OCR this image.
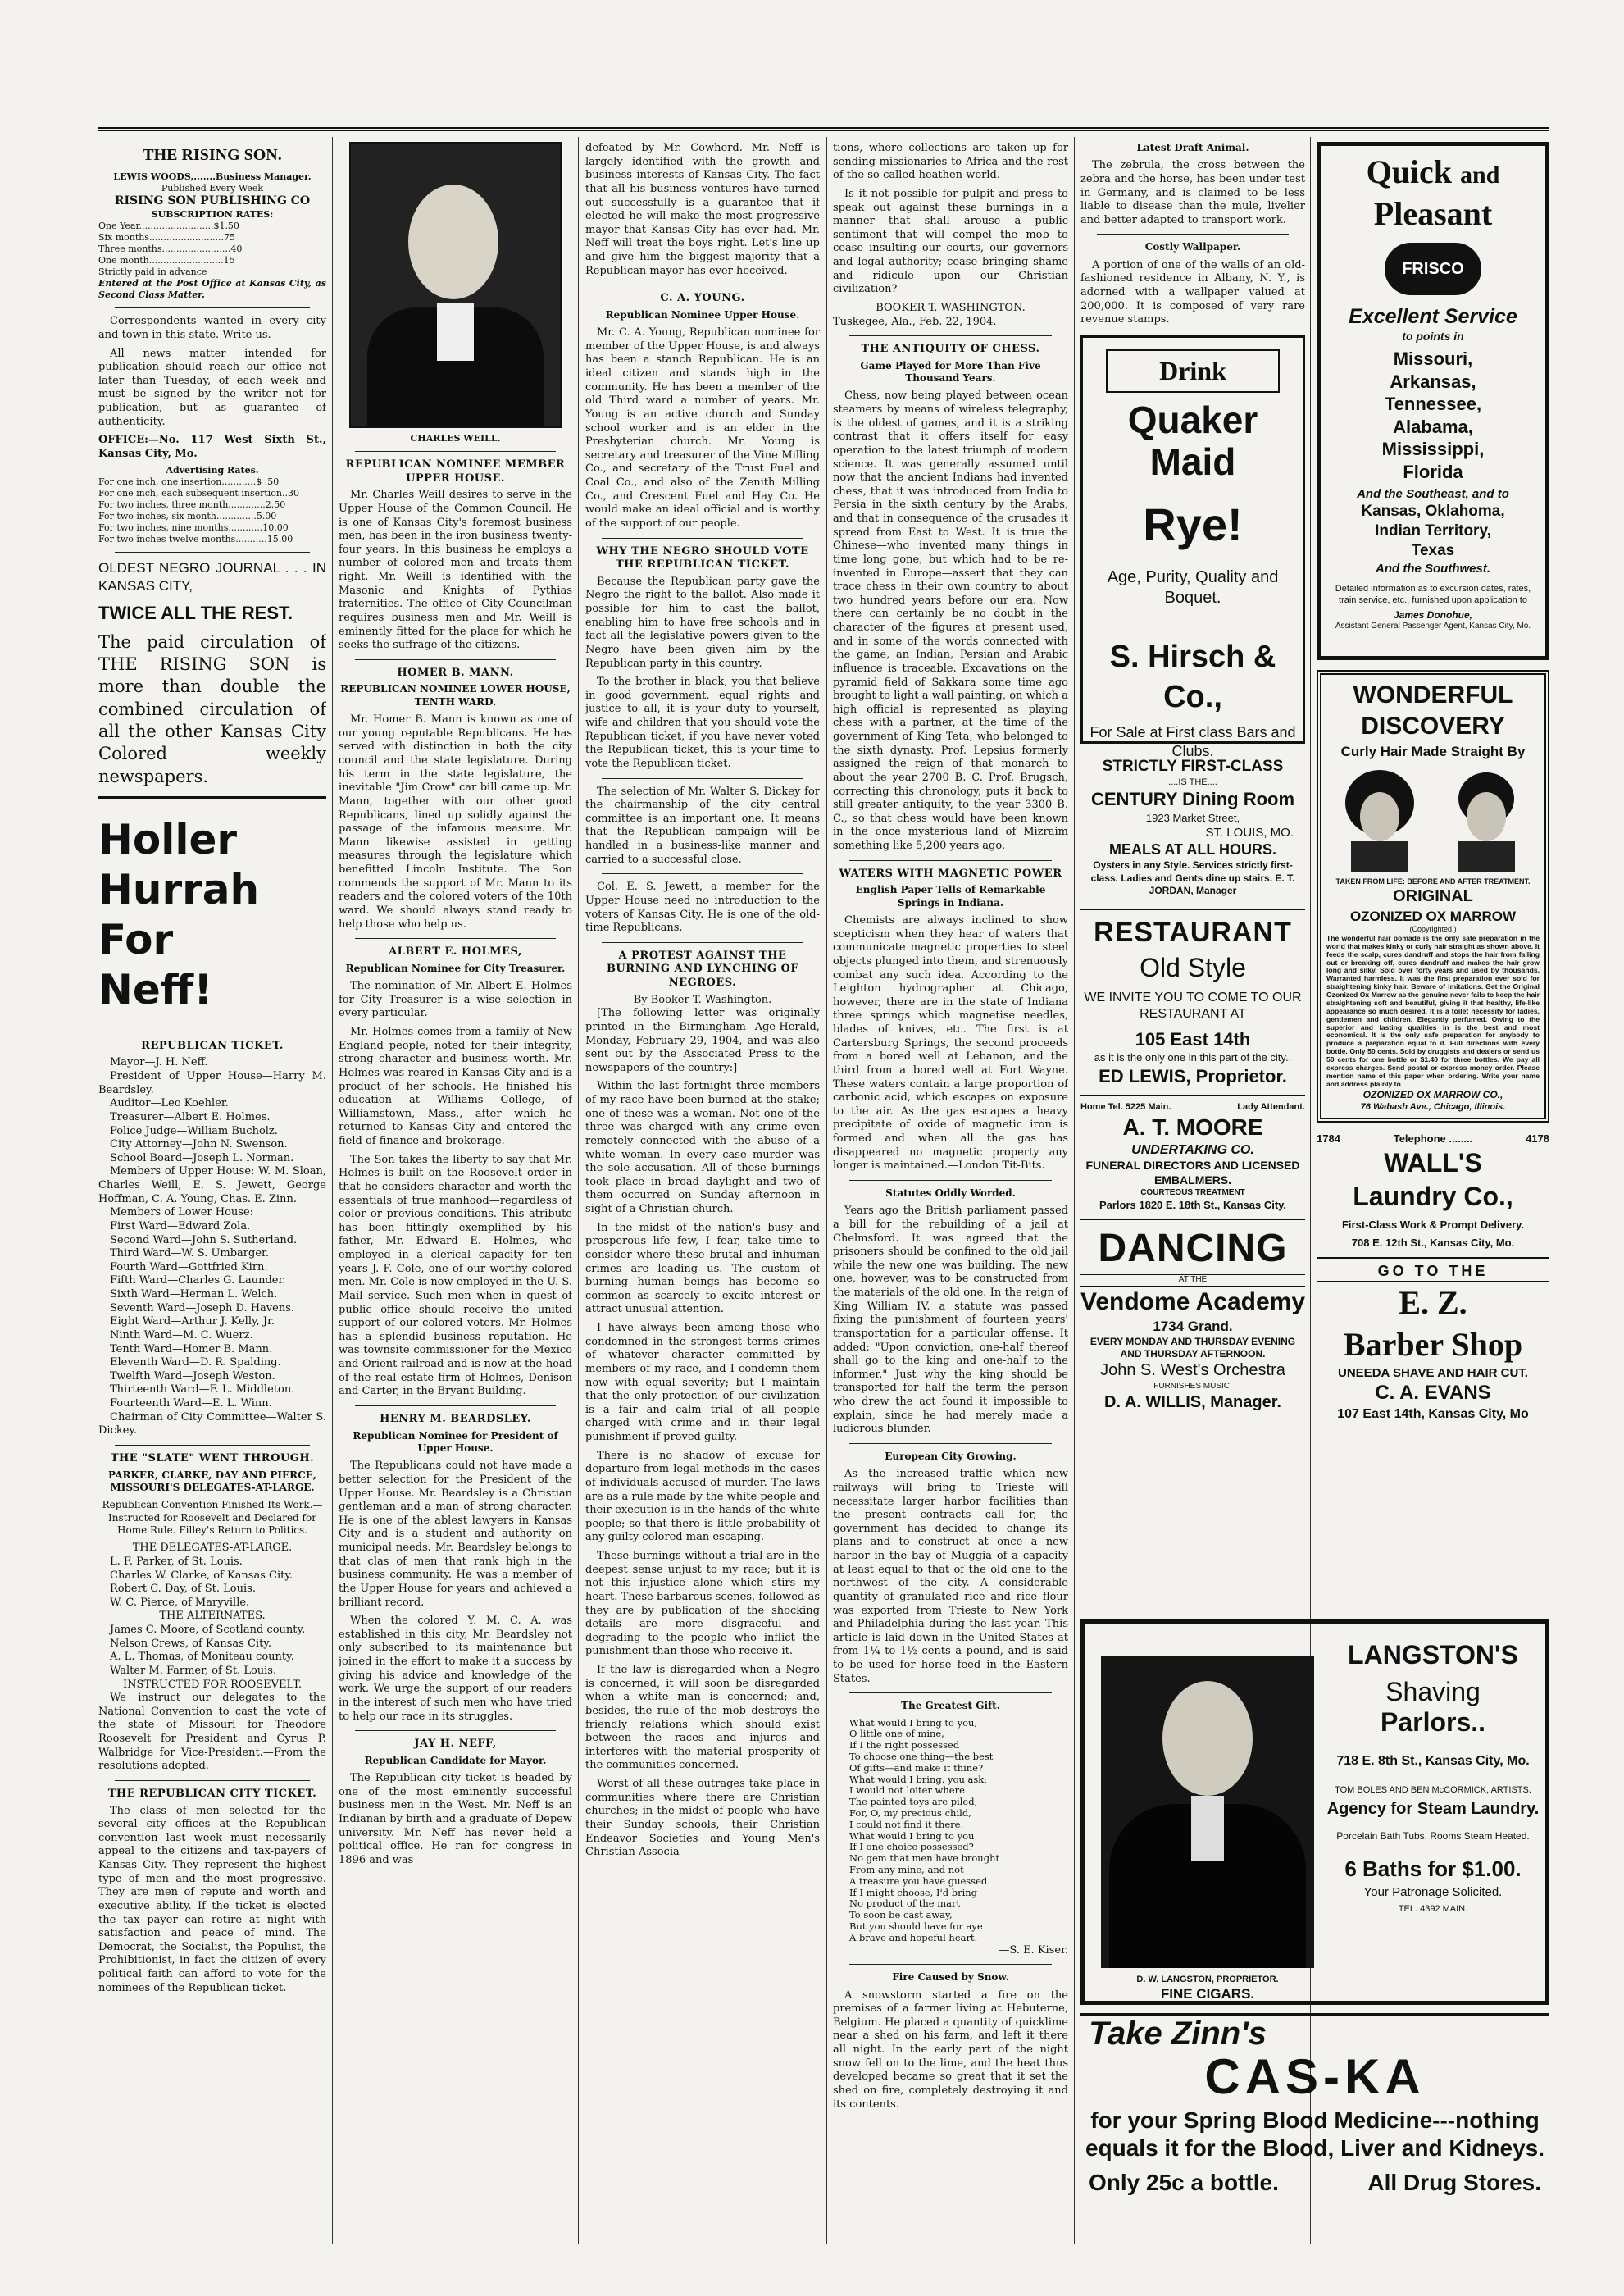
THE RISING SON.
LEWIS WOODS,.......Business Manager.
Published Every Week
RISING SON PUBLISHING CO
SUBSCRIPTION RATES:
One Year..........................$1.50
Six months..........................75
Three months........................40
One month..........................15
Strictly paid in advance
Entered at the Post Office at Kansas City, as Second Class Matter.

Correspondents wanted in every city and town in this state. Write us.

All news matter intended for publication should reach our office not later than Tuesday, of each week and must be signed by the writer not for publication, but as guarantee of authenticity.

OFFICE:—No. 117 West Sixth St., Kansas City, Mo.
Advertising Rates.
For one inch, one insertion............$ .50
For one inch, each subsequent insertion..30
For two inches, three month.............2.50
For two inches, six month..............5.00
For two inches, nine months............10.00
For two inches twelve months...........15.00
OLDEST NEGRO JOURNAL . . . IN KANSAS CITY,
TWICE ALL THE REST.
The paid circulation of THE RISING SON is more than double the combined circulation of all the other Kansas City Colored weekly newspapers.
Holler
Hurrah
For
Neff!
REPUBLICAN TICKET.
Mayor—J. H. Neff.
President of Upper House—Harry M. Beardsley.
Auditor—Leo Koehler.
Treasurer—Albert E. Holmes.
Police Judge—William Bucholz.
City Attorney—John N. Swenson.
School Board—Joseph L. Norman.
Members of Upper House: W. M. Sloan, Charles Weill, E. S. Jewett, George Hoffman, C. A. Young, Chas. E. Zinn.
Members of Lower House:
First Ward—Edward Zola.
Second Ward—John S. Sutherland.
Third Ward—W. S. Umbarger.
Fourth Ward—Gottfried Kirn.
Fifth Ward—Charles G. Launder.
Sixth Ward—Herman L. Welch.
Seventh Ward—Joseph D. Havens.
Eight Ward—Arthur J. Kelly, Jr.
Ninth Ward—M. C. Wuerz.
Tenth Ward—Homer B. Mann.
Eleventh Ward—D. R. Spalding.
Twelfth Ward—Joseph Weston.
Thirteenth Ward—F. L. Middleton.
Fourteenth Ward—E. L. Winn.
Chairman of City Committee—Walter S. Dickey.
THE "SLATE" WENT THROUGH.
PARKER, CLARKE, DAY AND PIERCE, MISSOURI'S DELEGATES-AT-LARGE.
Republican Convention Finished Its Work.—Instructed for Roosevelt and Declared for Home Rule. Filley's Return to Politics.
THE DELEGATES-AT-LARGE.
L. F. Parker, of St. Louis.
Charles W. Clarke, of Kansas City.
Robert C. Day, of St. Louis.
W. C. Pierce, of Maryville.
THE ALTERNATES.
James C. Moore, of Scotland county.
Nelson Crews, of Kansas City.
A. L. Thomas, of Moniteau county.
Walter M. Farmer, of St. Louis.
INSTRUCTED FOR ROOSEVELT.

We instruct our delegates to the National Convention to cast the vote of the state of Missouri for Theodore Roosevelt for President and Cyrus P. Walbridge for Vice-President.—From the resolutions adopted.

THE REPUBLICAN CITY TICKET.

The class of men selected for the several city offices at the Republican convention last week must necessarily appeal to the citizens and tax-payers of Kansas City. They represent the highest type of men and the most progressive. They are men of repute and worth and executive ability. If the ticket is elected the tax payer can retire at night with satisfaction and peace of mind. The Democrat, the Socialist, the Populist, the Prohibitionist, in fact the citizen of every political faith can afford to vote for the nominees of the Republican ticket.

CHARLES WEILL.
REPUBLICAN NOMINEE MEMBER UPPER HOUSE.

Mr. Charles Weill desires to serve in the Upper House of the Common Council. He is one of Kansas City's foremost business men, has been in the iron business twenty-four years. In this business he employs a number of colored men and treats them right. Mr. Weill is identified with the Masonic and Knights of Pythias fraternities. The office of City Councilman requires business men and Mr. Weill is eminently fitted for the place for which he seeks the suffrage of the citizens.

HOMER B. MANN.
REPUBLICAN NOMINEE LOWER HOUSE, TENTH WARD.

Mr. Homer B. Mann is known as one of our young reputable Republicans. He has served with distinction in both the city council and the state legislature. During his term in the state legislature, the inevitable "Jim Crow" car bill came up. Mr. Mann, together with our other good Republicans, lined up solidly against the passage of the infamous measure. Mr. Mann likewise assisted in getting measures through the legislature which benefitted Lincoln Institute. The Son commends the support of Mr. Mann to its readers and the colored voters of the 10th ward. We should always stand ready to help those who help us.

ALBERT E. HOLMES,
Republican Nominee for City Treasurer.

The nomination of Mr. Albert E. Holmes for City Treasurer is a wise selection in every particular.

Mr. Holmes comes from a family of New England people, noted for their integrity, strong character and business worth. Mr. Holmes was reared in Kansas City and is a product of her schools. He finished his education at Williams College, of Williamstown, Mass., after which he returned to Kansas City and entered the field of finance and brokerage.

The Son takes the liberty to say that Mr. Holmes is built on the Roosevelt order in that he considers character and worth the essentials of true manhood—regardless of color or previous conditions. This atribute has been fittingly exemplified by his father, Mr. Edward E. Holmes, who employed in a clerical capacity for ten years J. F. Cole, one of our worthy colored men. Mr. Cole is now employed in the U. S. Mail service. Such men when in quest of public office should receive the united support of our colored voters. Mr. Holmes has a splendid business reputation. He was townsite commissioner for the Mexico and Orient railroad and is now at the head of the real estate firm of Holmes, Denison and Carter, in the Bryant Building.

HENRY M. BEARDSLEY.
Republican Nominee for President of Upper House.

The Republicans could not have made a better selection for the President of the Upper House. Mr. Beardsley is a Christian gentleman and a man of strong character. He is one of the ablest lawyers in Kansas City and is a student and authority on municipal needs. Mr. Beardsley belongs to that clas of men that rank high in the business community. He was a member of the Upper House for years and achieved a brilliant record.

When the colored Y. M. C. A. was established in this city, Mr. Beardsley not only subscribed to its maintenance but joined in the effort to make it a success by giving his advice and knowledge of the work. We urge the support of our readers in the interest of such men who have tried to help our race in its struggles.

JAY H. NEFF,
Republican Candidate for Mayor.

The Republican city ticket is headed by one of the most eminently successful business men in the West. Mr. Neff is an Indianan by birth and a graduate of Depew university. Mr. Neff has never held a political office. He ran for congress in 1896 and was

defeated by Mr. Cowherd. Mr. Neff is largely identified with the growth and business interests of Kansas City. The fact that all his business ventures have turned out successfully is a guarantee that if elected he will make the most progressive mayor that Kansas City has ever had. Mr. Neff will treat the boys right. Let's line up and give him the biggest majority that a Republican mayor has ever heceived.

C. A. YOUNG.
Republican Nominee Upper House.

Mr. C. A. Young, Republican nominee for member of the Upper House, is and always has been a stanch Republican. He is an ideal citizen and stands high in the community. He has been a member of the old Third ward a number of years. Mr. Young is an active church and Sunday school worker and is an elder in the Presbyterian church. Mr. Young is secretary and treasurer of the Vine Milling Co., and secretary of the Trust Fuel and Coal Co., and also of the Zenith Milling Co., and Crescent Fuel and Hay Co. He would make an ideal official and is worthy of the support of our people.

WHY THE NEGRO SHOULD VOTE THE REPUBLICAN TICKET.

Because the Republican party gave the Negro the right to the ballot. Also made it possible for him to cast the ballot, enabling him to have free schools and in fact all the legislative powers given to the Negro have been given him by the Republican party in this country.

To the brother in black, you that believe in good government, equal rights and justice to all, it is your duty to yourself, wife and children that you should vote the Republican ticket, if you have never voted the Republican ticket, this is your time to vote the Republican ticket.

The selection of Mr. Walter S. Dickey for the chairmanship of the city central committee is an important one. It means that the Republican campaign will be handled in a business-like manner and carried to a successful close.

Col. E. S. Jewett, a member for the Upper House need no introduction to the voters of Kansas City. He is one of the old-time Republicans.

A PROTEST AGAINST THE BURNING AND LYNCHING OF NEGROES.
By Booker T. Washington.

[The following letter was originally printed in the Birmingham Age-Herald, Monday, February 29, 1904, and was also sent out by the Associated Press to the newspapers of the country:]

Within the last fortnight three members of my race have been burned at the stake; one of these was a woman. Not one of the three was charged with any crime even remotely connected with the abuse of a white woman. In every case murder was the sole accusation. All of these burnings took place in broad daylight and two of them occurred on Sunday afternoon in sight of a Christian church.

In the midst of the nation's busy and prosperous life few, I fear, take time to consider where these brutal and inhuman crimes are leading us. The custom of burning human beings has become so common as scarcely to excite interest or attract unusual attention.

I have always been among those who condemned in the strongest terms crimes of whatever character committed by members of my race, and I condemn them now with equal severity; but I maintain that the only protection of our civilization is a fair and calm trial of all people charged with crime and in their legal punishment if proved guilty.

There is no shadow of excuse for departure from legal methods in the cases of individuals accused of murder. The laws are as a rule made by the white people and their execution is in the hands of the white people; so that there is little probability of any guilty colored man escaping.

These burnings without a trial are in the deepest sense unjust to my race; but it is not this injustice alone which stirs my heart. These barbarous scenes, followed as they are by publication of the shocking details are more disgraceful and degrading to the people who inflict the punishment than those who receive it.

If the law is disregarded when a Negro is concerned, it will soon be disregarded when a white man is concerned; and, besides, the rule of the mob destroys the friendly relations which should exist between the races and injures and interferes with the material prosperity of the communities concerned.

Worst of all these outrages take place in communities where there are Christian churches; in the midst of people who have their Sunday schools, their Christian Endeavor Societies and Young Men's Christian Associa-

tions, where collections are taken up for sending missionaries to Africa and the rest of the so-called heathen world.

Is it not possible for pulpit and press to speak out against these burnings in a manner that shall arouse a public sentiment that will compel the mob to cease insulting our courts, our governors and legal authority; cease bringing shame and ridicule upon our Christian civilization?

BOOKER T. WASHINGTON.
Tuskegee, Ala., Feb. 22, 1904.
THE ANTIQUITY OF CHESS.
Game Played for More Than Five Thousand Years.

Chess, now being played between ocean steamers by means of wireless telegraphy, is the oldest of games, and it is a striking contrast that it offers itself for easy operation to the latest triumph of modern science. It was generally assumed until now that the ancient Indians had invented chess, that it was introduced from India to Persia in the sixth century by the Arabs, and that in consequence of the crusades it spread from East to West. It is true the Chinese—who invented many things in time long gone, but which had to be re-invented in Europe—assert that they can trace chess in their own country to about two hundred years before our era. Now there can certainly be no doubt in the character of the figures at present used, and in some of the words connected with the game, an Indian, Persian and Arabic influence is traceable. Excavations on the pyramid field of Sakkara some time ago brought to light a wall painting, on which a high official is represented as playing chess with a partner, at the time of the government of King Teta, who belonged to the sixth dynasty. Prof. Lepsius formerly assigned the reign of that monarch to about the year 2700 B. C. Prof. Brugsch, correcting this chronology, puts it back to still greater antiquity, to the year 3300 B. C., so that chess would have been known in the once mysterious land of Mizraim something like 5,200 years ago.

WATERS WITH MAGNETIC POWER
English Paper Tells of Remarkable Springs in Indiana.

Chemists are always inclined to show scepticism when they hear of waters that communicate magnetic properties to steel objects plunged into them, and strenuously combat any such idea. According to the Leighton hydrographer at Chicago, however, there are in the state of Indiana three springs which magnetise needles, blades of knives, etc. The first is at Cartersburg Springs, the second proceeds from a bored well at Lebanon, and the third from a bored well at Fort Wayne. These waters contain a large proportion of carbonic acid, which escapes on exposure to the air. As the gas escapes a heavy precipitate of oxide of magnetic iron is formed and when all the gas has disappeared no magnetic property any longer is maintained.—London Tit-Bits.

Statutes Oddly Worded.

Years ago the British parliament passed a bill for the rebuilding of a jail at Chelmsford. It was agreed that the prisoners should be confined to the old jail while the new one was building. The new one, however, was to be constructed from the materials of the old one. In the reign of King William IV. a statute was passed fixing the punishment of fourteen years' transportation for a particular offense. It added: "Upon conviction, one-half thereof shall go to the king and one-half to the informer." Just why the king should be transported for half the term the person who drew the act found it impossible to explain, since he had merely made a ludicrous blunder.

European City Growing.

As the increased traffic which new railways will bring to Trieste will necessitate larger harbor facilities than the present contracts call for, the government has decided to change its plans and to construct at once a new harbor in the bay of Muggia of a capacity at least equal to that of the old one to the northwest of the city. A considerable quantity of granulated rice and rice flour was exported from Trieste to New York and Philadelphia during the last year. This article is laid down in the United States at from 1¼ to 1½ cents a pound, and is said to be used for horse feed in the Eastern States.

The Greatest Gift.
What would I bring to you,
O little one of mine,
If I the right possessed
To choose one thing—the best
Of gifts—and make it thine?
What would I bring, you ask;
I would not loiter where
The painted toys are piled,
For, O, my precious child,
I could not find it there.
What would I bring to you
If I one choice possessed?
No gem that men have brought
From any mine, and not
A treasure you have guessed.
If I might choose, I'd bring
No product of the mart
To soon be cast away,
But you should have for aye
A brave and hopeful heart.
—S. E. Kiser.
Fire Caused by Snow.

A snowstorm started a fire on the premises of a farmer living at Hebuterne, Belgium. He placed a quantity of quicklime near a shed on his farm, and left it there all night. In the early part of the night snow fell on to the lime, and the heat thus developed became so great that it set the shed on fire, completely destroying it and its contents.

Latest Draft Animal.

The zebrula, the cross between the zebra and the horse, has been under test in Germany, and is claimed to be less liable to disease than the mule, livelier and better adapted to transport work.

Costly Wallpaper.

A portion of one of the walls of an old-fashioned residence in Albany, N. Y., is adorned with a wallpaper valued at 200,000. It is composed of very rare revenue stamps.

Drink
Quaker Maid
Rye!
Age, Purity, Quality and Boquet.
S. Hirsch & Co.,
For Sale at First class Bars and Clubs.
STRICTLY FIRST-CLASS
....IS THE....
CENTURY Dining Room
1923 Market Street,
ST. LOUIS, MO.
MEALS AT ALL HOURS.
Oysters in any Style. Services strictly first-class. Ladies and Gents dine up stairs. E. T. JORDAN, Manager
RESTAURANT
Old Style
WE INVITE YOU TO COME TO OUR RESTAURANT AT
105 East 14th
as it is the only one in this part of the city..
ED LEWIS, Proprietor.
Home Tel. 5225 Main.	Lady Attendant.
A. T. MOORE
UNDERTAKING CO.
FUNERAL DIRECTORS AND LICENSED EMBALMERS.
COURTEOUS TREATMENT
Parlors 1820 E. 18th St., Kansas City.
DANCING
AT THE
Vendome Academy
1734 Grand.
EVERY MONDAY AND THURSDAY EVENING AND THURSDAY AFTERNOON.
John S. West's Orchestra
FURNISHES MUSIC.
D. A. WILLIS, Manager.
Quick and
Pleasant
FRISCO
Excellent Service
to points in
Missouri,
Arkansas,
Tennessee,
Alabama,
Mississippi,
Florida
And the Southeast, and to
Kansas, Oklahoma,
Indian Territory,
Texas
And the Southwest.
Detailed information as to excursion dates, rates, train service, etc., furnished upon application to
James Donohue,
Assistant General Passenger Agent, Kansas City, Mo.
WONDERFUL
DISCOVERY
Curly Hair Made Straight By
TAKEN FROM LIFE: BEFORE AND AFTER TREATMENT.
ORIGINAL
OZONIZED OX MARROW
(Copyrighted.)
The wonderful hair pomade is the only safe preparation in the world that makes kinky or curly hair straight as shown above. It feeds the scalp, cures dandruff and stops the hair from falling out or breaking off, cures dandruff and makes the hair grow long and silky. Sold over forty years and used by thousands. Warranted harmless. It was the first preparation ever sold for straightening kinky hair. Beware of imitations. Get the Original Ozonized Ox Marrow as the genuine never fails to keep the hair straightening soft and beautiful, giving it that healthy, life-like appearance so much desired. It is a toilet necessity for ladies, gentlemen and children. Elegantly perfumed. Owing to the superior and lasting qualities in is the best and most economical. It is the only safe preparation for anybody to produce a preparation equal to it. Full directions with every bottle. Only 50 cents. Sold by druggists and dealers or send us 50 cents for one bottle or $1.40 for three bottles. We pay all express charges. Send postal or express money order. Please mention name of this paper when ordering. Write your name and address plainly to
OZONIZED OX MARROW CO.,
76 Wabash Ave., Chicago, Illinois.
1784	Telephone ........	4178
WALL'S
Laundry Co.,
First-Class Work & Prompt Delivery.
708 E. 12th St., Kansas City, Mo.
GO TO THE
E. Z.
Barber Shop
UNEEDA SHAVE AND HAIR CUT.
C. A. EVANS
107 East 14th, Kansas City, Mo
D. W. LANGSTON, PROPRIETOR.
FINE CIGARS.
LANGSTON'S
Shaving
Parlors..
718 E. 8th St., Kansas City, Mo.
TOM BOLES AND BEN McCORMICK, ARTISTS.
Agency for Steam Laundry.
Porcelain Bath Tubs. Rooms Steam Heated.
6 Baths for $1.00.
Your Patronage Solicited.
TEL. 4392 MAIN.
Take Zinn's
CAS-KA
for your Spring Blood Medicine---nothing equals it for the Blood, Liver and Kidneys.
Only 25c a bottle.	All Drug Stores.
